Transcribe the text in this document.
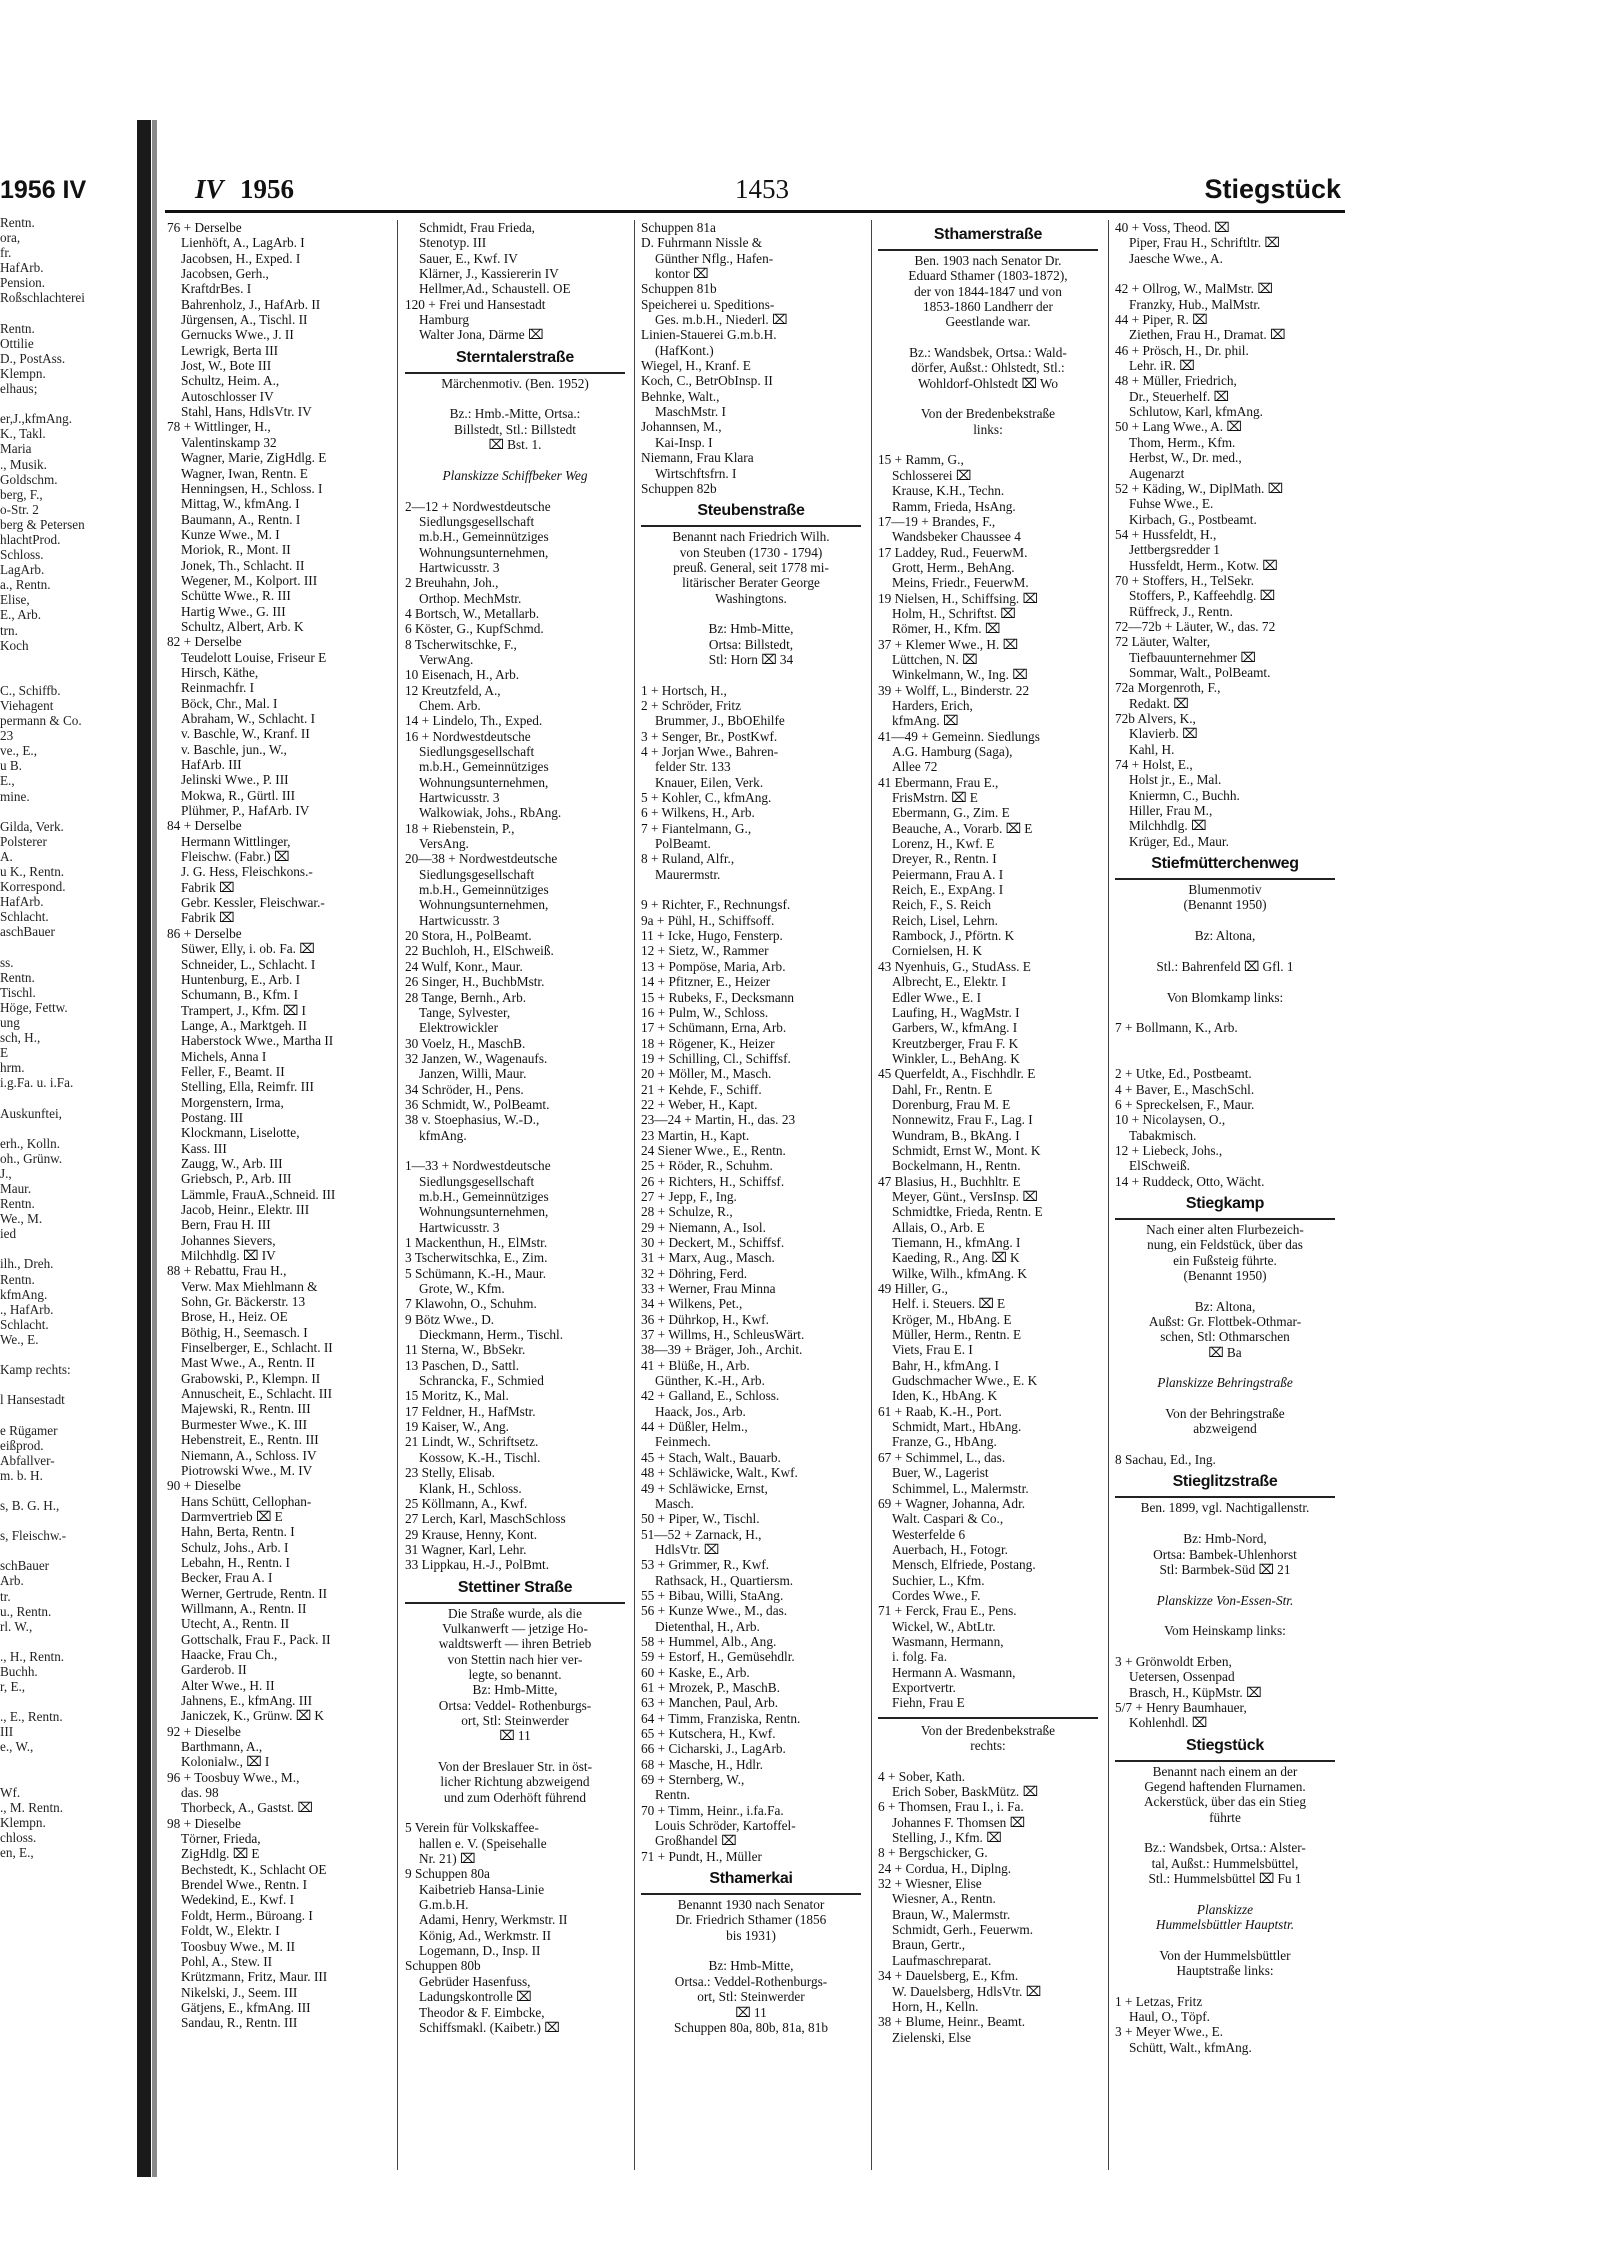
1956 IV
Rentn.
ora,
fr.
HafArb.
Pension.
Roßschlachterei

Rentn.
Ottilie
D., PostAss.
Klempn.
elhaus;

er,J.,kfmAng.
K., Takl.
Maria
., Musik.
Goldschm.
berg, F.,
o-Str. 2
berg & Petersen
hlachtProd.
Schloss.
LagArb.
a., Rentn.
Elise,
E., Arb.
trn.
Koch

C., Schiffb.
Viehagent
permann & Co.
23
ve., E.,
u B.
E.,
mine.

Gilda, Verk.
Polsterer
A.
u K., Rentn.
Korrespond.
HafArb.
Schlacht.
aschBauer

ss.
Rentn.
Tischl.
Höge, Fettw.
ung
sch, H.,
E
hrm.
i.g.Fa. u. i.Fa.

Auskunftei,

erh., Kolln.
oh., Grünw.
J.,
Maur.
Rentn.
We., M.
ied

ilh., Dreh.
Rentn.
kfmAng.
., HafArb.
Schlacht.
We., E.

Kamp rechts:

l Hansestadt

e Rügamer
eißprod.
Abfallver-
m. b. H.

s, B. G. H.,

s, Fleischw.-

schBauer
Arb.
tr.
u., Rentn.
rl. W.,

., H., Rentn.
Buchh.
r, E.,

., E., Rentn.
III
e., W.,

Wf.
., M. Rentn.
Klempn.
chloss.
en, E.,
IV 1956	1453	Stiegstück
76 + Derselbe
Lienhöft, A., LagArb. I
Jacobsen, H., Exped. I
Jacobsen, Gerh.,
KraftdrBes. I
Bahrenholz, J., HafArb. II
Jürgensen, A., Tischl. II
Gernucks Wwe., J. II
Lewrigk, Berta III
Jost, W., Bote III
Schultz, Heim. A.,
Autoschlosser IV
Stahl, Hans, HdlsVtr. IV
78 + Wittlinger, H.,
Valentinskamp 32
Wagner, Marie, ZigHdlg. E
Wagner, Iwan, Rentn. E
Henningsen, H., Schloss. I
Mittag, W., kfmAng. I
Baumann, A., Rentn. I
Kunze Wwe., M. I
Moriok, R., Mont. II
Jonek, Th., Schlacht. II
Wegener, M., Kolport. III
Schütte Wwe., R. III
Hartig Wwe., G. III
Schultz, Albert, Arb. K
82 + Derselbe
Teudelott Louise, Friseur E
Hirsch, Käthe,
Reinmachfr. I
Böck, Chr., Mal. I
Abraham, W., Schlacht. I
v. Baschle, W., Kranf. II
v. Baschle, jun., W.,
HafArb. III
Jelinski Wwe., P. III
Mokwa, R., Gürtl. III
Plühmer, P., HafArb. IV
84 + Derselbe
Hermann Wittlinger,
Fleischw. (Fabr.) ⌧
J. G. Hess, Fleischkons.-
Fabrik ⌧
Gebr. Kessler, Fleischwar.-
Fabrik ⌧
86 + Derselbe
Süwer, Elly, i. ob. Fa. ⌧
Schneider, L., Schlacht. I
Huntenburg, E., Arb. I
Schumann, B., Kfm. I
Trampert, J., Kfm. ⌧ I
Lange, A., Marktgeh. II
Haberstock Wwe., Martha II
Michels, Anna I
Feller, F., Beamt. II
Stelling, Ella, Reimfr. III
Morgenstern, Irma,
Postang. III
Klockmann, Liselotte,
Kass. III
Zaugg, W., Arb. III
Griebsch, P., Arb. III
Lämmle, FrauA.,Schneid. III
Jacob, Heinr., Elektr. III
Bern, Frau H. III
Johannes Sievers,
Milchhdlg. ⌧ IV
88 + Rebattu, Frau H.,
Verw. Max Miehlmann &
Sohn, Gr. Bäckerstr. 13
Brose, H., Heiz. OE
Böthig, H., Seemasch. I
Finselberger, E., Schlacht. II
Mast Wwe., A., Rentn. II
Grabowski, P., Klempn. II
Annuscheit, E., Schlacht. III
Majewski, R., Rentn. III
Burmester Wwe., K. III
Hebenstreit, E., Rentn. III
Niemann, A., Schloss. IV
Piotrowski Wwe., M. IV
90 + Dieselbe
Hans Schütt, Cellophan-
Darmvertrieb ⌧ E
Hahn, Berta, Rentn. I
Schulz, Johs., Arb. I
Lebahn, H., Rentn. I
Becker, Frau A. I
Werner, Gertrude, Rentn. II
Willmann, A., Rentn. II
Utecht, A., Rentn. II
Gottschalk, Frau F., Pack. II
Haacke, Frau Ch.,
Garderob. II
Alter Wwe., H. II
Jahnens, E., kfmAng. III
Janiczek, K., Grünw. ⌧ K
92 + Dieselbe
Barthmann, A.,
Kolonialw., ⌧ I
96 + Toosbuy Wwe., M.,
das. 98
Thorbeck, A., Gastst. ⌧
98 + Dieselbe
Törner, Frieda,
ZigHdlg. ⌧ E
Bechstedt, K., Schlacht OE
Brendel Wwe., Rentn. I
Wedekind, E., Kwf. I
Foldt, Herm., Büroang. I
Foldt, W., Elektr. I
Toosbuy Wwe., M. II
Pohl, A., Stew. II
Krützmann, Fritz, Maur. III
Nikelski, J., Seem. III
Gätjens, E., kfmAng. III
Sandau, R., Rentn. III
Schmidt, Frau Frieda,
Stenotyp. III
Sauer, E., Kwf. IV
Klärner, J., Kassiererin IV
Hellmer,Ad., Schaustell. OE
120 + Frei und Hansestadt
Hamburg
Walter Jona, Därme ⌧
Sterntalerstraße
Märchenmotiv. (Ben. 1952)

Bz.: Hmb.-Mitte, Ortsa.:
Billstedt, Stl.: Billstedt
⌧ Bst. 1.

Planskizze Schiffbeker Weg

2—12 + Nordwestdeutsche
Siedlungsgesellschaft
m.b.H., Gemeinnütziges
Wohnungsunternehmen,
Hartwicusstr. 3
2 Breuhahn, Joh.,
Orthop. MechMstr.
4 Bortsch, W., Metallarb.
6 Köster, G., KupfSchmd.
8 Tscherwitschke, F.,
VerwAng.
10 Eisenach, H., Arb.
12 Kreutzfeld, A.,
Chem. Arb.
14 + Lindelo, Th., Exped.
16 + Nordwestdeutsche
Siedlungsgesellschaft
m.b.H., Gemeinnütziges
Wohnungsunternehmen,
Hartwicusstr. 3
Walkowiak, Johs., RbAng.
18 + Riebenstein, P.,
VersAng.
20—38 + Nordwestdeutsche
Siedlungsgesellschaft
m.b.H., Gemeinnütziges
Wohnungsunternehmen,
Hartwicusstr. 3
20 Stora, H., PolBeamt.
22 Buchloh, H., ElSchweiß.
24 Wulf, Konr., Maur.
26 Singer, H., BuchbMstr.
28 Tange, Bernh., Arb.
Tange, Sylvester,
Elektrowickler
30 Voelz, H., MaschB.
32 Janzen, W., Wagenaufs.
Janzen, Willi, Maur.
34 Schröder, H., Pens.
36 Schmidt, W., PolBeamt.
38 v. Stoephasius, W.-D.,
kfmAng.

1—33 + Nordwestdeutsche
Siedlungsgesellschaft
m.b.H., Gemeinnütziges
Wohnungsunternehmen,
Hartwicusstr. 3
1 Mackenthun, H., ElMstr.
3 Tscherwitschka, E., Zim.
5 Schümann, K.-H., Maur.
Grote, W., Kfm.
7 Klawohn, O., Schuhm.
9 Bötz Wwe., D.
Dieckmann, Herm., Tischl.
11 Sterna, W., BbSekr.
13 Paschen, D., Sattl.
Schrancka, F., Schmied
15 Moritz, K., Mal.
17 Feldner, H., HafMstr.
19 Kaiser, W., Ang.
21 Lindt, W., Schriftsetz.
Kossow, K.-H., Tischl.
23 Stelly, Elisab.
Klank, H., Schloss.
25 Köllmann, A., Kwf.
27 Lerch, Karl, MaschSchloss
29 Krause, Henny, Kont.
31 Wagner, Karl, Lehr.
33 Lippkau, H.-J., PolBmt.
Stettiner Straße
Die Straße wurde, als die
Vulkanwerft — jetzige Ho-
waldtswerft — ihren Betrieb
von Stettin nach hier ver-
legte, so benannt.
Bz: Hmb-Mitte,
Ortsa: Veddel- Rothenburgs-
ort, Stl: Steinwerder
⌧ 11

Von der Breslauer Str. in öst-
licher Richtung abzweigend
und zum Oderhöft führend

5 Verein für Volkskaffee-
hallen e. V. (Speisehalle
Nr. 21) ⌧
9 Schuppen 80a
Kaibetrieb Hansa-Linie
G.m.b.H.
Adami, Henry, Werkmstr. II
König, Ad., Werkmstr. II
Logemann, D., Insp. II
Schuppen 80b
Gebrüder Hasenfuss,
Ladungskontrolle ⌧
Theodor & F. Eimbcke,
Schiffsmakl. (Kaibetr.) ⌧
Schuppen 81a
D. Fuhrmann Nissle &
Günther Nflg., Hafen-
kontor ⌧
Schuppen 81b
Speicherei u. Speditions-
Ges. m.b.H., Niederl. ⌧
Linien-Stauerei G.m.b.H.
(HafKont.)
Wiegel, H., Kranf. E
Koch, C., BetrObInsp. II
Behnke, Walt.,
MaschMstr. I
Johannsen, M.,
Kai-Insp. I
Niemann, Frau Klara
Wirtschftsfrn. I
Schuppen 82b
Steubenstraße
Benannt nach Friedrich Wilh.
von Steuben (1730 - 1794)
preuß. General, seit 1778 mi-
litärischer Berater George
Washingtons.

Bz: Hmb-Mitte,
Ortsa: Billstedt,
Stl: Horn ⌧ 34

1 + Hortsch, H.,
2 + Schröder, Fritz
Brummer, J., BbOEhilfe
3 + Senger, Br., PostKwf.
4 + Jorjan Wwe., Bahren-
felder Str. 133
Knauer, Eilen, Verk.
5 + Kohler, C., kfmAng.
6 + Wilkens, H., Arb.
7 + Fiantelmann, G.,
PolBeamt.
8 + Ruland, Alfr.,
Maurermstr.

9 + Richter, F., Rechnungsf.
9a + Pühl, H., Schiffsoff.
11 + Icke, Hugo, Fensterp.
12 + Sietz, W., Rammer
13 + Pompöse, Maria, Arb.
14 + Pfitzner, E., Heizer
15 + Rubeks, F., Decksmann
16 + Pulm, W., Schloss.
17 + Schümann, Erna, Arb.
18 + Rögener, K., Heizer
19 + Schilling, Cl., Schiffsf.
20 + Möller, M., Masch.
21 + Kehde, F., Schiff.
22 + Weber, H., Kapt.
23—24 + Martin, H., das. 23
23 Martin, H., Kapt.
24 Siener Wwe., E., Rentn.
25 + Röder, R., Schuhm.
26 + Richters, H., Schiffsf.
27 + Jepp, F., Ing.
28 + Schulze, R.,
29 + Niemann, A., Isol.
30 + Deckert, M., Schiffsf.
31 + Marx, Aug., Masch.
32 + Döhring, Ferd.
33 + Werner, Frau Minna
34 + Wilkens, Pet.,
36 + Dührkop, H., Kwf.
37 + Willms, H., SchleusWärt.
38—39 + Bräger, Joh., Archit.
41 + Blüße, H., Arb.
Günther, K.-H., Arb.
42 + Galland, E., Schloss.
Haack, Jos., Arb.
44 + Düßler, Helm.,
Feinmech.
45 + Stach, Walt., Bauarb.
48 + Schläwicke, Walt., Kwf.
49 + Schläwicke, Ernst,
Masch.
50 + Piper, W., Tischl.
51—52 + Zarnack, H.,
HdlsVtr. ⌧
53 + Grimmer, R., Kwf.
Rathsack, H., Quartiersm.
55 + Bibau, Willi, StaAng.
56 + Kunze Wwe., M., das.
Dietenthal, H., Arb.
58 + Hummel, Alb., Ang.
59 + Estorf, H., Gemüsehdlr.
60 + Kaske, E., Arb.
61 + Mrozek, P., MaschB.
63 + Manchen, Paul, Arb.
64 + Timm, Franziska, Rentn.
65 + Kutschera, H., Kwf.
66 + Cicharski, J., LagArb.
68 + Masche, H., Hdlr.
69 + Sternberg, W.,
Rentn.
70 + Timm, Heinr., i.fa.Fa.
Louis Schröder, Kartoffel-
Großhandel ⌧
71 + Pundt, H., Müller
Sthamerkai
Benannt 1930 nach Senator
Dr. Friedrich Sthamer (1856
bis 1931)

Bz: Hmb-Mitte,
Ortsa.: Veddel-Rothenburgs-
ort, Stl: Steinwerder
⌧ 11
Schuppen 80a, 80b, 81a, 81b
Sthamerstraße
Ben. 1903 nach Senator Dr.
Eduard Sthamer (1803-1872),
der von 1844-1847 und von
1853-1860 Landherr der
Geestlande war.

Bz.: Wandsbek, Ortsa.: Wald-
dörfer, Außst.: Ohlstedt, Stl.:
Wohldorf-Ohlstedt ⌧ Wo

Von der Bredenbekstraße
links:

15 + Ramm, G.,
Schlosserei ⌧
Krause, K.H., Techn.
Ramm, Frieda, HsAng.
17—19 + Brandes, F.,
Wandsbeker Chaussee 4
17 Laddey, Rud., FeuerwM.
Grott, Herm., BehAng.
Meins, Friedr., FeuerwM.
19 Nielsen, H., Schiffsing. ⌧
Holm, H., Schriftst. ⌧
Römer, H., Kfm. ⌧
37 + Klemer Wwe., H. ⌧
Lüttchen, N. ⌧
Winkelmann, W., Ing. ⌧
39 + Wolff, L., Binderstr. 22
Harders, Erich,
kfmAng. ⌧
41—49 + Gemeinn. Siedlungs
A.G. Hamburg (Saga),
Allee 72
41 Ebermann, Frau E.,
FrisMstrn. ⌧ E
Ebermann, G., Zim. E
Beauche, A., Vorarb. ⌧ E
Lorenz, H., Kwf. E
Dreyer, R., Rentn. I
Peiermann, Frau A. I
Reich, E., ExpAng. I
Reich, F., S. Reich
Reich, Lisel, Lehrn.
Rambock, J., Pförtn. K
Cornielsen, H. K
43 Nyenhuis, G., StudAss. E
Albrecht, E., Elektr. I
Edler Wwe., E. I
Laufing, H., WagMstr. I
Garbers, W., kfmAng. I
Kreutzberger, Frau F. K
Winkler, L., BehAng. K
45 Querfeldt, A., Fischhdlr. E
Dahl, Fr., Rentn. E
Dorenburg, Frau M. E
Nonnewitz, Frau F., Lag. I
Wundram, B., BkAng. I
Schmidt, Ernst W., Mont. K
Bockelmann, H., Rentn.
47 Blasius, H., Buchhltr. E
Meyer, Günt., VersInsp. ⌧
Schmidtke, Frieda, Rentn. E
Allais, O., Arb. E
Tiemann, H., kfmAng. I
Kaeding, R., Ang. ⌧ K
Wilke, Wilh., kfmAng. K
49 Hiller, G.,
Helf. i. Steuers. ⌧ E
Kröger, M., HbAng. E
Müller, Herm., Rentn. E
Viets, Frau E. I
Bahr, H., kfmAng. I
Gudschmacher Wwe., E. K
Iden, K., HbAng. K
61 + Raab, K.-H., Port.
Schmidt, Mart., HbAng.
Franze, G., HbAng.
67 + Schimmel, L., das.
Buer, W., Lagerist
Schimmel, L., Malermstr.
69 + Wagner, Johanna, Adr.
Walt. Caspari & Co.,
Westerfelde 6
Auerbach, H., Fotogr.
Mensch, Elfriede, Postang.
Suchier, L., Kfm.
Cordes Wwe., F.
71 + Ferck, Frau E., Pens.
Wickel, W., AbtLtr.
Wasmann, Hermann,
i. folg. Fa.
Hermann A. Wasmann,
Exportvertr.
Fiehn, Frau E
Von der Bredenbekstraße
rechts:

4 + Sober, Kath.
Erich Sober, BaskMütz. ⌧
6 + Thomsen, Frau I., i. Fa.
Johannes F. Thomsen ⌧
Stelling, J., Kfm. ⌧
8 + Bergschicker, G.
24 + Cordua, H., Diplng.
32 + Wiesner, Elise
Wiesner, A., Rentn.
Braun, W., Malermstr.
Schmidt, Gerh., Feuerwm.
Braun, Gertr.,
Laufmaschreparat.
34 + Dauelsberg, E., Kfm.
W. Dauelsberg, HdlsVtr. ⌧
Horn, H., Kelln.
38 + Blume, Heinr., Beamt.
Zielenski, Else
40 + Voss, Theod. ⌧
Piper, Frau H., Schriftltr. ⌧
Jaesche Wwe., A.

42 + Ollrog, W., MalMstr. ⌧
Franzky, Hub., MalMstr.
44 + Piper, R. ⌧
Ziethen, Frau H., Dramat. ⌧
46 + Prösch, H., Dr. phil.
Lehr. iR. ⌧
48 + Müller, Friedrich,
Dr., Steuerhelf. ⌧
Schlutow, Karl, kfmAng.
50 + Lang Wwe., A. ⌧
Thom, Herm., Kfm.
Herbst, W., Dr. med.,
Augenarzt
52 + Käding, W., DiplMath. ⌧
Fuhse Wwe., E.
Kirbach, G., Postbeamt.
54 + Hussfeldt, H.,
Jettbergsredder 1
Hussfeldt, Herm., Kotw. ⌧
70 + Stoffers, H., TelSekr.
Stoffers, P., Kaffeehdlg. ⌧
Rüffreck, J., Rentn.
72—72b + Läuter, W., das. 72
72 Läuter, Walter,
Tiefbauunternehmer ⌧
Sommar, Walt., PolBeamt.
72a Morgenroth, F.,
Redakt. ⌧
72b Alvers, K.,
Klavierb. ⌧
Kahl, H.
74 + Holst, E.,
Holst jr., E., Mal.
Kniermn, C., Buchh.
Hiller, Frau M.,
Milchhdlg. ⌧
Krüger, Ed., Maur.
Stiefmütterchenweg
Blumenmotiv
(Benannt 1950)

Bz: Altona,

Stl.: Bahrenfeld ⌧ Gfl. 1

Von Blomkamp links:

7 + Bollmann, K., Arb.

2 + Utke, Ed., Postbeamt.
4 + Baver, E., MaschSchl.
6 + Spreckelsen, F., Maur.
10 + Nicolaysen, O.,
Tabakmisch.
12 + Liebeck, Johs.,
ElSchweiß.
14 + Ruddeck, Otto, Wächt.
Stiegkamp
Nach einer alten Flurbezeich-
nung, ein Feldstück, über das
ein Fußsteig führte.
(Benannt 1950)

Bz: Altona,
Außst: Gr. Flottbek-Othmar-
schen, Stl: Othmarschen
⌧ Ba

Planskizze Behringstraße

Von der Behringstraße
abzweigend

8 Sachau, Ed., Ing.
Stieglitzstraße
Ben. 1899, vgl. Nachtigallenstr.

Bz: Hmb-Nord,
Ortsa: Bambek-Uhlenhorst
Stl: Barmbek-Süd ⌧ 21

Planskizze Von-Essen-Str.

Vom Heinskamp links:

3 + Grönwoldt Erben,
Uetersen, Ossenpad
Brasch, H., KüpMstr. ⌧
5/7 + Henry Baumhauer,
Kohlenhdl. ⌧
Stiegstück
Benannt nach einem an der
Gegend haftenden Flurnamen.
Ackerstück, über das ein Stieg
führte

Bz.: Wandsbek, Ortsa.: Alster-
tal, Außst.: Hummelsbüttel,
Stl.: Hummelsbüttel ⌧ Fu 1

Planskizze
Hummelsbüttler Hauptstr.

Von der Hummelsbüttler
Hauptstraße links:

1 + Letzas, Fritz
Haul, O., Töpf.
3 + Meyer Wwe., E.
Schütt, Walt., kfmAng.
